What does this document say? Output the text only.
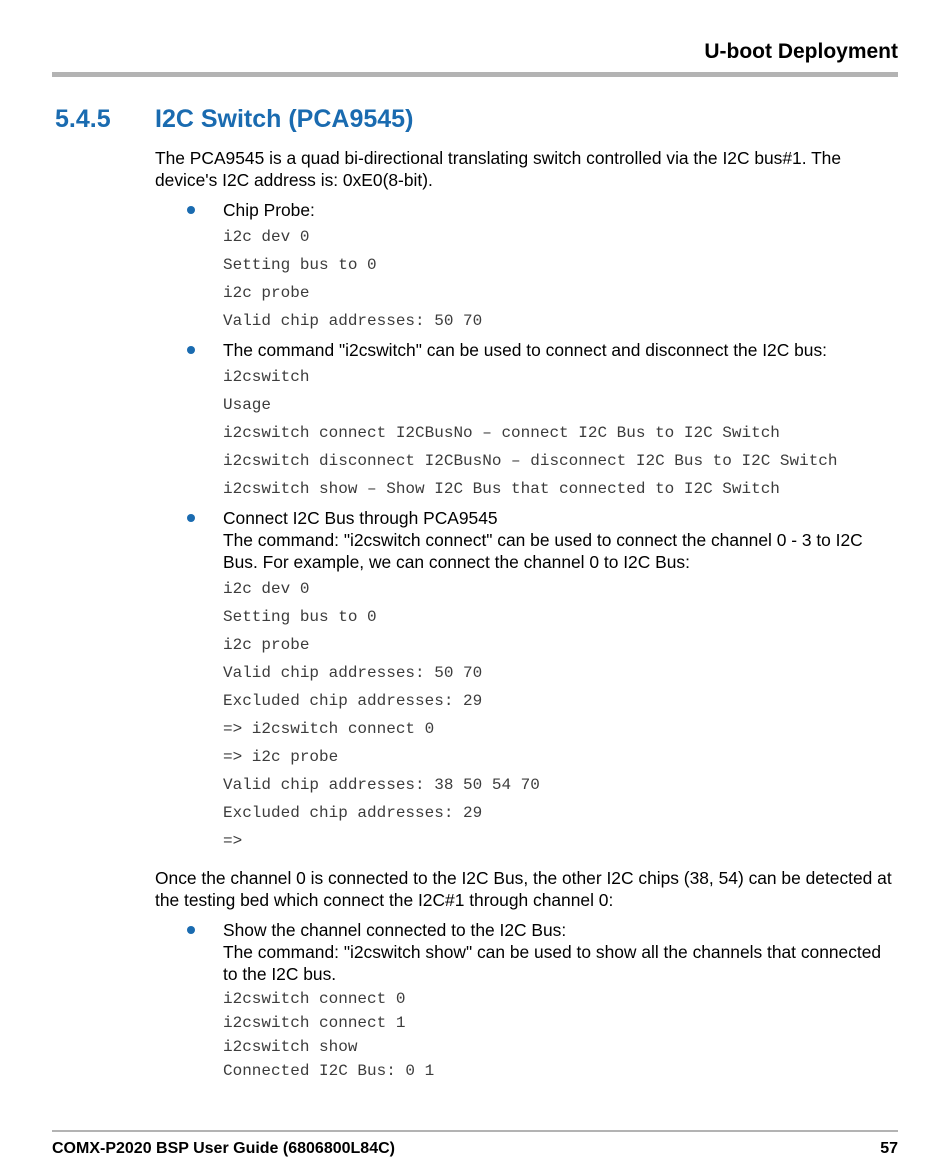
U-boot Deployment
5.4.5 I2C Switch (PCA9545)

The PCA9545 is a quad bi-directional translating switch controlled via the I2C bus#1. The device's I2C address is: 0xE0(8-bit).

Chip Probe:

i2c dev 0
Setting bus to 0
i2c probe
Valid chip addresses: 50 70

The command "i2cswitch" can be used to connect and disconnect the I2C bus:

i2cswitch
Usage
i2cswitch connect I2CBusNo – connect I2C Bus to I2C Switch
i2cswitch disconnect I2CBusNo – disconnect I2C Bus to I2C Switch
i2cswitch show – Show I2C Bus that connected to I2C Switch

Connect I2C Bus through PCA9545
The command: "i2cswitch connect" can be used to connect the channel 0 - 3 to I2C Bus. For example, we can connect the channel 0 to I2C Bus:

i2c dev 0
Setting bus to 0
i2c probe
Valid chip addresses: 50 70
Excluded chip addresses: 29
=> i2cswitch connect 0
=> i2c probe
Valid chip addresses: 38 50 54 70
Excluded chip addresses: 29
=>

Once the channel 0 is connected to the I2C Bus, the other I2C chips (38, 54) can be detected at the testing bed which connect the I2C#1 through channel 0:

Show the channel connected to the I2C Bus:
The command: "i2cswitch show" can be used to show all the channels that connected to the I2C bus.

i2cswitch connect 0
i2cswitch connect 1
i2cswitch show
Connected I2C Bus: 0 1
COMX-P2020 BSP User Guide (6806800L84C)	57
